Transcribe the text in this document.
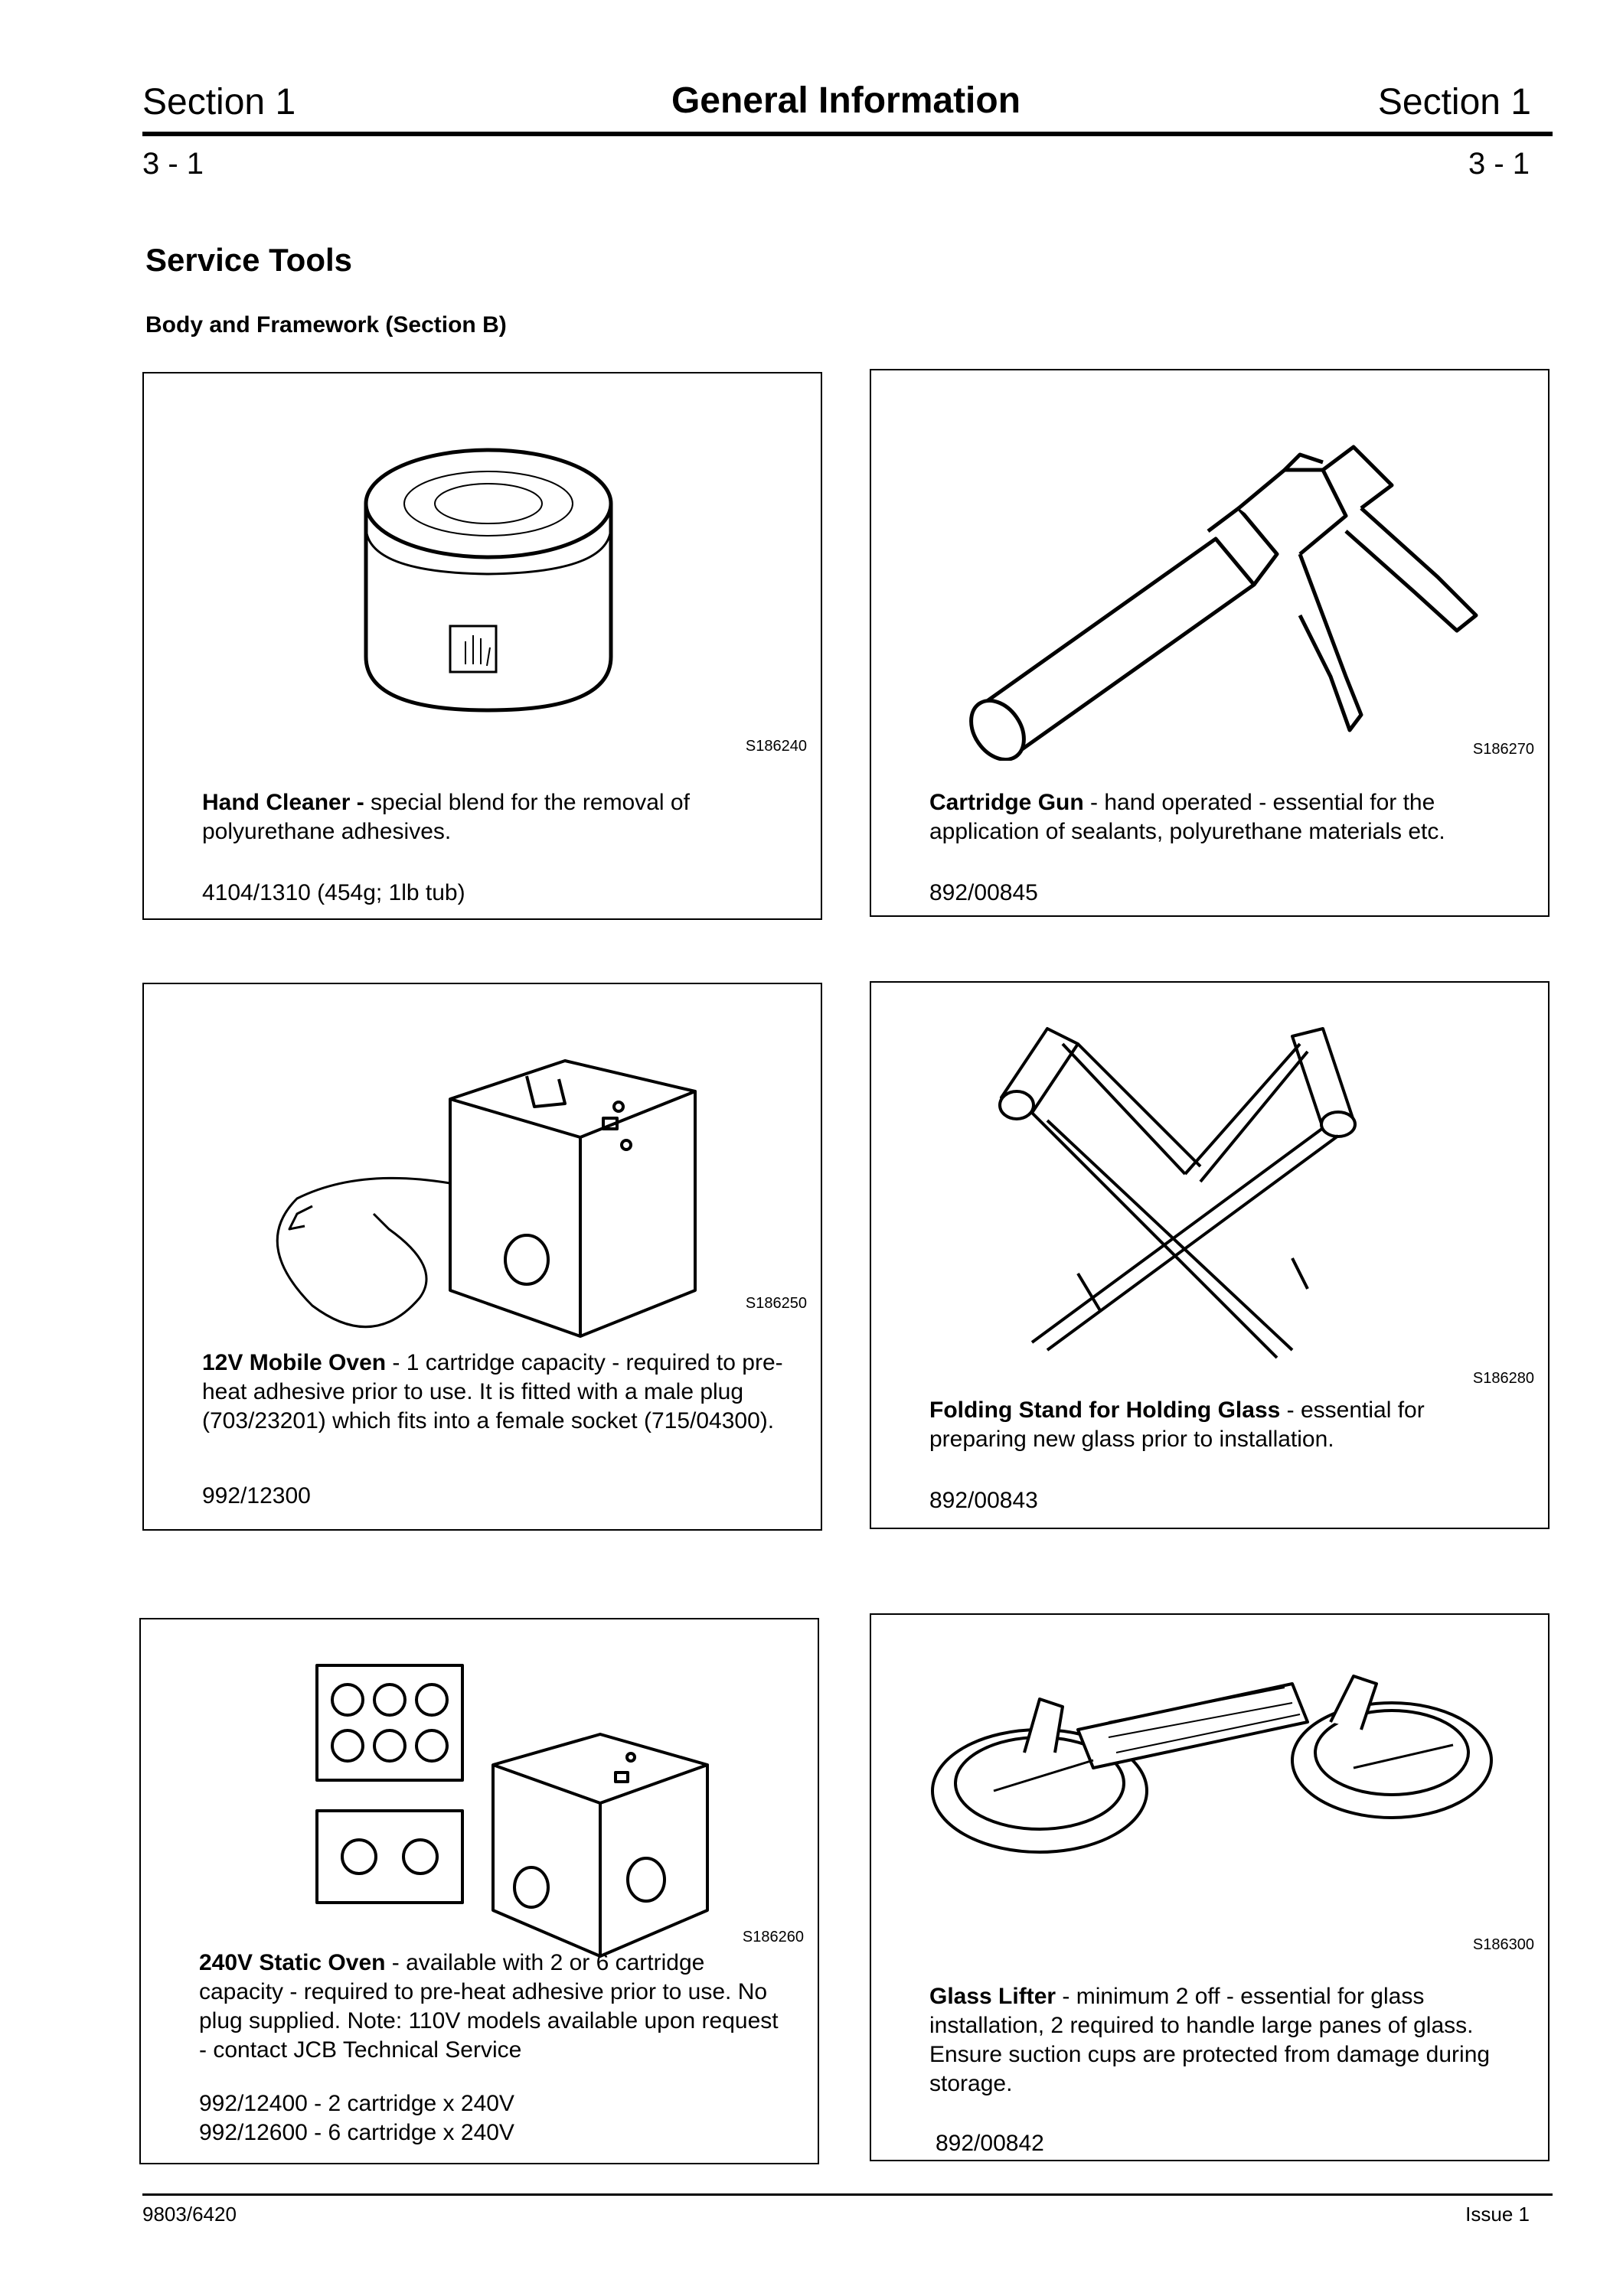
Section 1	General Information	Section 1
3 - 1	3 - 1
Service Tools
Body and Framework (Section B)
S186240
Hand Cleaner - special blend for the removal of polyurethane adhesives.
4104/1310 (454g; 1lb tub)
S186270
Cartridge Gun - hand operated - essential for the application of sealants, polyurethane materials etc.
892/00845
S186250
12V Mobile Oven - 1 cartridge capacity - required to pre-heat adhesive prior to use. It is fitted with a male plug (703/23201) which fits into a female socket (715/04300).
992/12300
S186280
Folding Stand for Holding Glass - essential for preparing new glass prior to installation.
892/00843
S186260
240V Static Oven - available with 2 or 6 cartridge capacity - required to pre-heat adhesive prior to use. No plug supplied. Note: 110V models available upon request - contact JCB Technical Service
992/12400 - 2 cartridge x 240V
992/12600 - 6 cartridge x 240V
S186300
Glass Lifter - minimum 2 off - essential for glass installation, 2 required to handle large panes of glass. Ensure suction cups are protected from damage during storage.
892/00842
9803/6420	Issue 1
